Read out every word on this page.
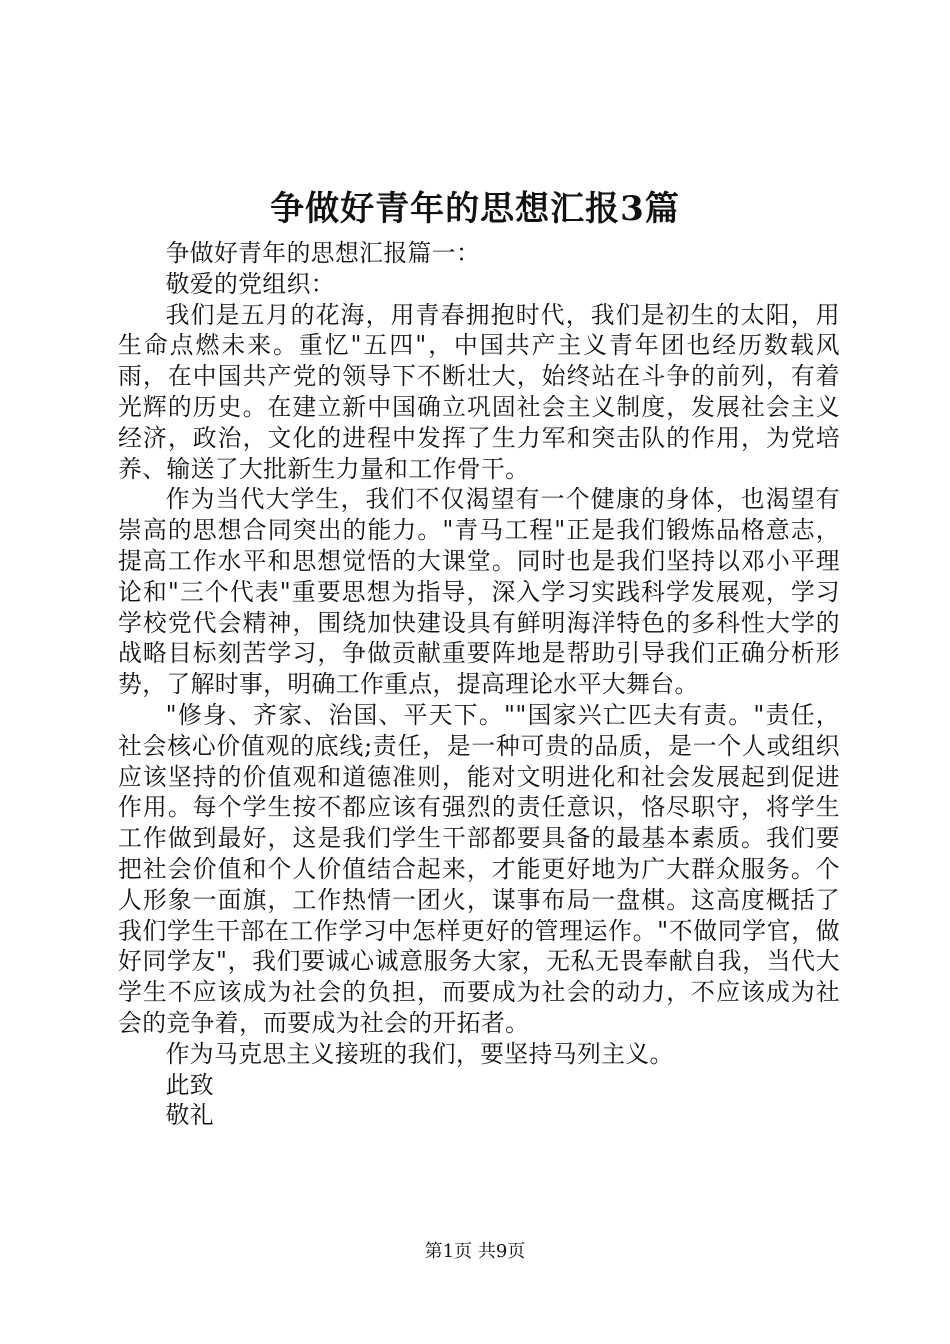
争做好青年的思想汇报3篇

争做好青年的思想汇报篇一：

敬爱的党组织：

我们是五月的花海，用青春拥抱时代，我们是初生的太阳，用生命点燃未来。重忆"五四"，中国共产主义青年团也经历数载风雨，在中国共产党的领导下不断壮大，始终站在斗争的前列，有着光辉的历史。在建立新中国确立巩固社会主义制度，发展社会主义经济，政治，文化的进程中发挥了生力军和突击队的作用，为党培养、输送了大批新生力量和工作骨干。

作为当代大学生，我们不仅渴望有一个健康的身体，也渴望有崇高的思想合同突出的能力。"青马工程"正是我们锻炼品格意志，提高工作水平和思想觉悟的大课堂。同时也是我们坚持以邓小平理论和"三个代表"重要思想为指导，深入学习实践科学发展观，学习学校党代会精神，围绕加快建设具有鲜明海洋特色的多科性大学的战略目标刻苦学习，争做贡献重要阵地是帮助引导我们正确分析形势，了解时事，明确工作重点，提高理论水平大舞台。

"修身、齐家、治国、平天下。""国家兴亡匹夫有责。"责任，社会核心价值观的底线;责任，是一种可贵的品质，是一个人或组织应该坚持的价值观和道德准则，能对文明进化和社会发展起到促进作用。每个学生按不都应该有强烈的责任意识，恪尽职守，将学生工作做到最好，这是我们学生干部都要具备的最基本素质。我们要把社会价值和个人价值结合起来，才能更好地为广大群众服务。个人形象一面旗，工作热情一团火，谋事布局一盘棋。这高度概括了我们学生干部在工作学习中怎样更好的管理运作。"不做同学官，做好同学友"，我们要诚心诚意服务大家，无私无畏奉献自我，当代大学生不应该成为社会的负担，而要成为社会的动力，不应该成为社会的竞争着，而要成为社会的开拓者。

作为马克思主义接班的我们，要坚持马列主义。

此致

敬礼

第1页 共9页
